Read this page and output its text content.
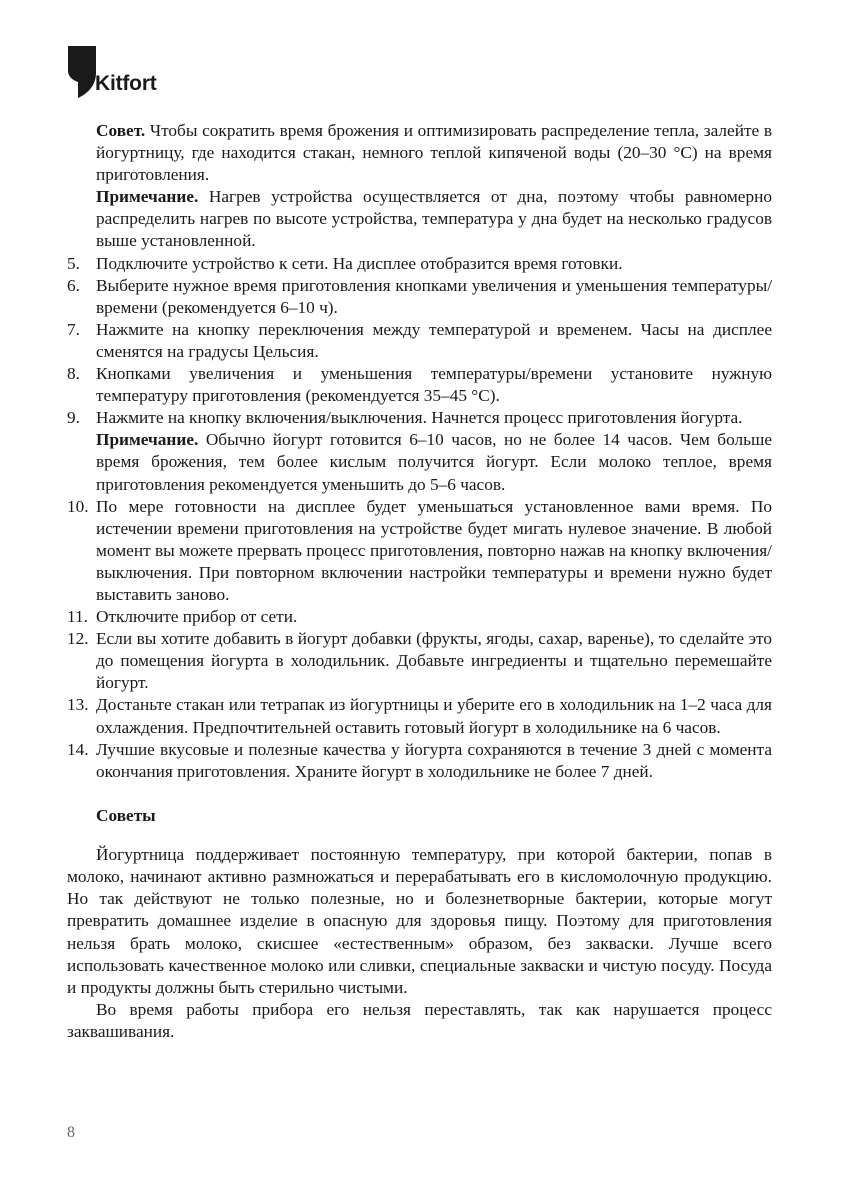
Kitfort

Совет. Чтобы сократить время брожения и оптимизировать распределение тепла, залейте в йогуртницу, где находится стакан, немного теплой кипяченой воды (20–30 °C) на время приготовления.

Примечание. Нагрев устройства осуществляется от дна, поэтому чтобы равномерно распределить нагрев по высоте устройства, температура у дна будет на несколько градусов выше установленной.

5. Подключите устройство к сети. На дисплее отобразится время готовки.

6. Выберите нужное время приготовления кнопками увеличения и уменьшения температуры/времени (рекомендуется 6–10 ч).

7. Нажмите на кнопку переключения между температурой и временем. Часы на дисплее сменятся на градусы Цельсия.

8. Кнопками увеличения и уменьшения температуры/времени установите нужную температуру приготовления (рекомендуется 35–45 °C).

9. Нажмите на кнопку включения/выключения. Начнется процесс приготовления йогурта.

Примечание. Обычно йогурт готовится 6–10 часов, но не более 14 часов. Чем больше время брожения, тем более кислым получится йогурт. Если молоко теплое, время приготовления рекомендуется уменьшить до 5–6 часов.

10. По мере готовности на дисплее будет уменьшаться установленное вами время. По истечении времени приготовления на устройстве будет мигать нулевое значение. В любой момент вы можете прервать процесс приготовления, повторно нажав на кнопку включения/выключения. При повторном включении настройки температуры и времени нужно будет выставить заново.

11. Отключите прибор от сети.

12. Если вы хотите добавить в йогурт добавки (фрукты, ягоды, сахар, варенье), то сделайте это до помещения йогурта в холодильник. Добавьте ингредиенты и тщательно перемешайте йогурт.

13. Достаньте стакан или тетрапак из йогуртницы и уберите его в холодильник на 1–2 часа для охлаждения. Предпочтительней оставить готовый йогурт в холодильнике на 6 часов.

14. Лучшие вкусовые и полезные качества у йогурта сохраняются в течение 3 дней с момента окончания приготовления. Храните йогурт в холодильнике не более 7 дней.

Советы

Йогуртница поддерживает постоянную температуру, при которой бактерии, попав в молоко, начинают активно размножаться и перерабатывать его в кисломолочную продукцию. Но так действуют не только полезные, но и болезнетворные бактерии, которые могут превратить домашнее изделие в опасную для здоровья пищу. Поэтому для приготовления нельзя брать молоко, скисшее «естественным» образом, без закваски. Лучше всего использовать качественное молоко или сливки, специальные закваски и чистую посуду. Посуда и продукты должны быть стерильно чистыми.

Во время работы прибора его нельзя переставлять, так как нарушается процесс заквашивания.

8
